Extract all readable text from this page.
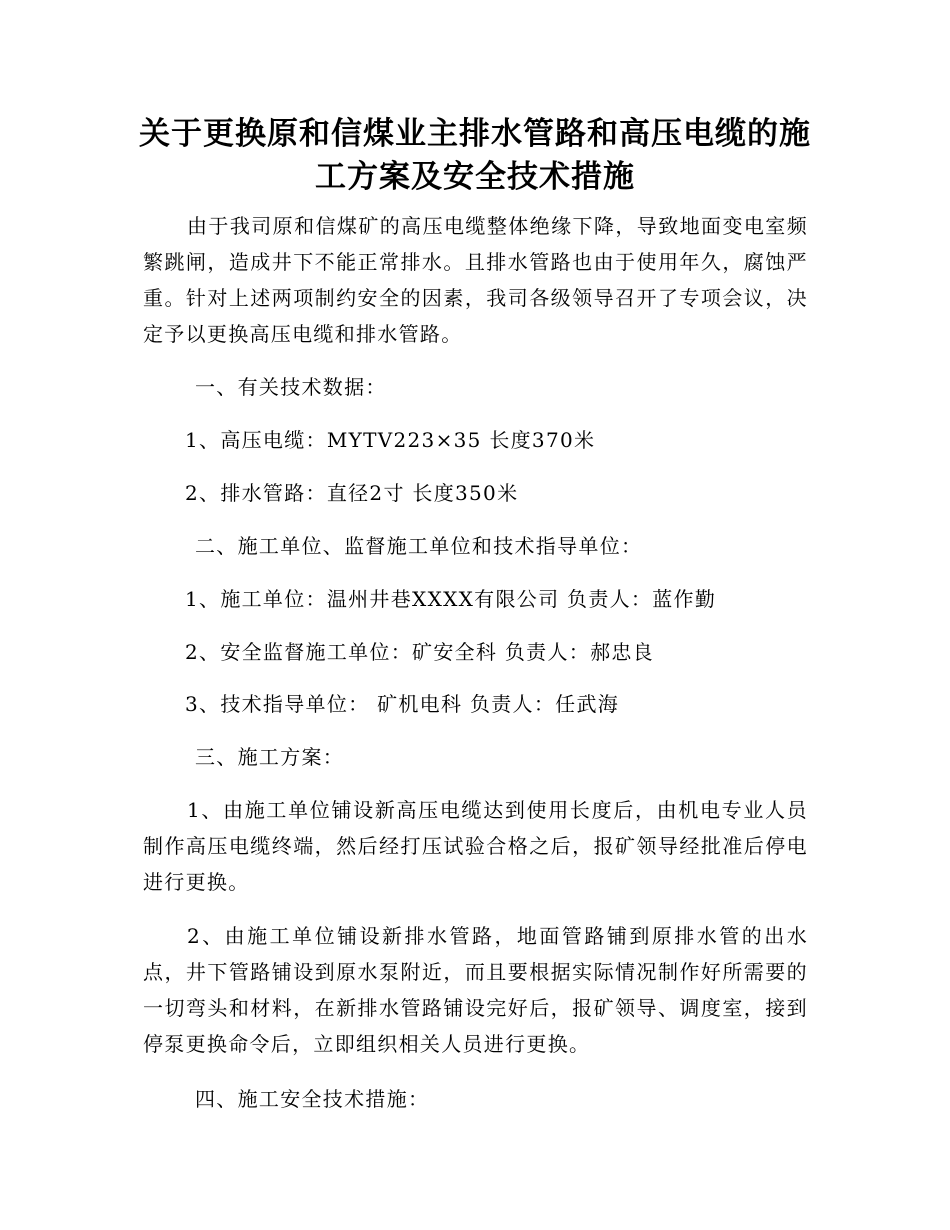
关于更换原和信煤业主排水管路和高压电缆的施
工方案及安全技术措施

由于我司原和信煤矿的高压电缆整体绝缘下降，导致地面变电室频繁跳闸，造成井下不能正常排水。且排水管路也由于使用年久，腐蚀严重。针对上述两项制约安全的因素，我司各级领导召开了专项会议，决定予以更换高压电缆和排水管路。

一、有关技术数据：

1、高压电缆：MYTV223×35 长度370米

2、排水管路：直径2寸 长度350米

二、施工单位、监督施工单位和技术指导单位：

1、施工单位：温州井巷XXXX有限公司 负责人：蓝作勤

2、安全监督施工单位：矿安全科 负责人：郝忠良

3、技术指导单位： 矿机电科 负责人：任武海

三、施工方案：

1、由施工单位铺设新高压电缆达到使用长度后，由机电专业人员制作高压电缆终端，然后经打压试验合格之后，报矿领导经批准后停电进行更换。

2、由施工单位铺设新排水管路，地面管路铺到原排水管的出水点，井下管路铺设到原水泵附近，而且要根据实际情况制作好所需要的一切弯头和材料，在新排水管路铺设完好后，报矿领导、调度室，接到停泵更换命令后，立即组织相关人员进行更换。

四、施工安全技术措施：
